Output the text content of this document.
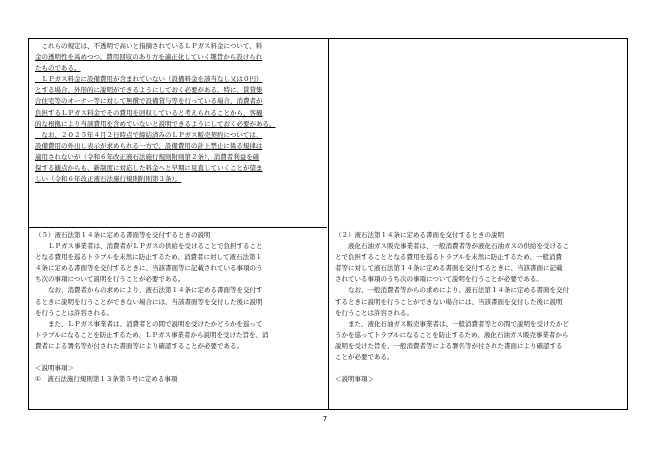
　これらの規定は、不透明で高いと指摘されているＬＰガス料金について、料
金の透明性を高めつつ、費用回収のあり方を適正化していく趣旨から設けられ
たものである。
　ＬＰガス料金に設備費用が含まれていない（設備料金を該当なし又は０円）
とする場合、外形的に説明ができるようにしておく必要がある。特に、賃貸集
合住宅等のオーナー等に対して無償で設備貸与等を行っている場合、消費者が
負担するＬＰガス料金でその費用を回収していると考えられることから、客観
的な根拠により当該費用を含めていないと説明できるようにしておく必要がある。
　なお、２０２５年４月２日時点で締結済みのＬＰガス販売契約については、
設備費用の外出し表示が求められる一方で、設備費用の計上禁止に係る規律は
適用されないが（令和６年改正液石法施行規則附則第２条）、消費者利益を確
保する観点からも、新制度に対応した料金へと早期に見直していくことが望ま
しい（令和６年改正液石法施行規則附則第３条）。
（５）液石法第１４条に定める書面等を交付するときの説明
　　ＬＰガス事業者は、消費者がＬＰガスの供給を受けることで負担すること
となる費用を巡るトラブルを未然に防止するため、消費者に対して液石法第１
４条に定める書面等を交付するときに、当該書面等に記載されている事項のう
ち次の事項について説明を行うことが必要である。
　　なお、消費者からの求めにより、液石法第１４条に定める書面等を交付す
るときに説明を行うことができない場合には、当該書面等を交付した後に説明
を行うことは許容される。
　　また、ＬＰガス事業者は、消費者との間で説明を受けたかどうかを巡って
トラブルになることを防止するため、ＬＰガス事業者から説明を受けた旨を、消
費者による署名等が付された書面等により確認することが必要である。
＜説明事項＞
①　液石法施行規則第１３条第５号に定める事項
（２）液石法第１４条に定める書面を交付するときの説明
　　液化石油ガス販売事業者は、一般消費者等が液化石油ガスの供給を受けるこ
とで負担することとなる費用を巡るトラブルを未然に防止するため、一般消費
者等に対して液石法第１４条に定める書面を交付するときに、当該書面に記載
されている事項のうち次の事項について説明を行うことが必要である。
　　なお、一般消費者等からの求めにより、液石法第１４条に定める書面を交付
するときに説明を行うことができない場合には、当該書面を交付した後に説明
を行うことは許容される。
　　また、液化石油ガス販売事業者は、一般消費者等との間で説明を受けたかど
うかを巡ってトラブルになることを防止するため、液化石油ガス販売事業者から
説明を受けた旨を、一般消費者等による署名等が付された書面により確認する
ことが必要である。
＜説明事項＞
7
